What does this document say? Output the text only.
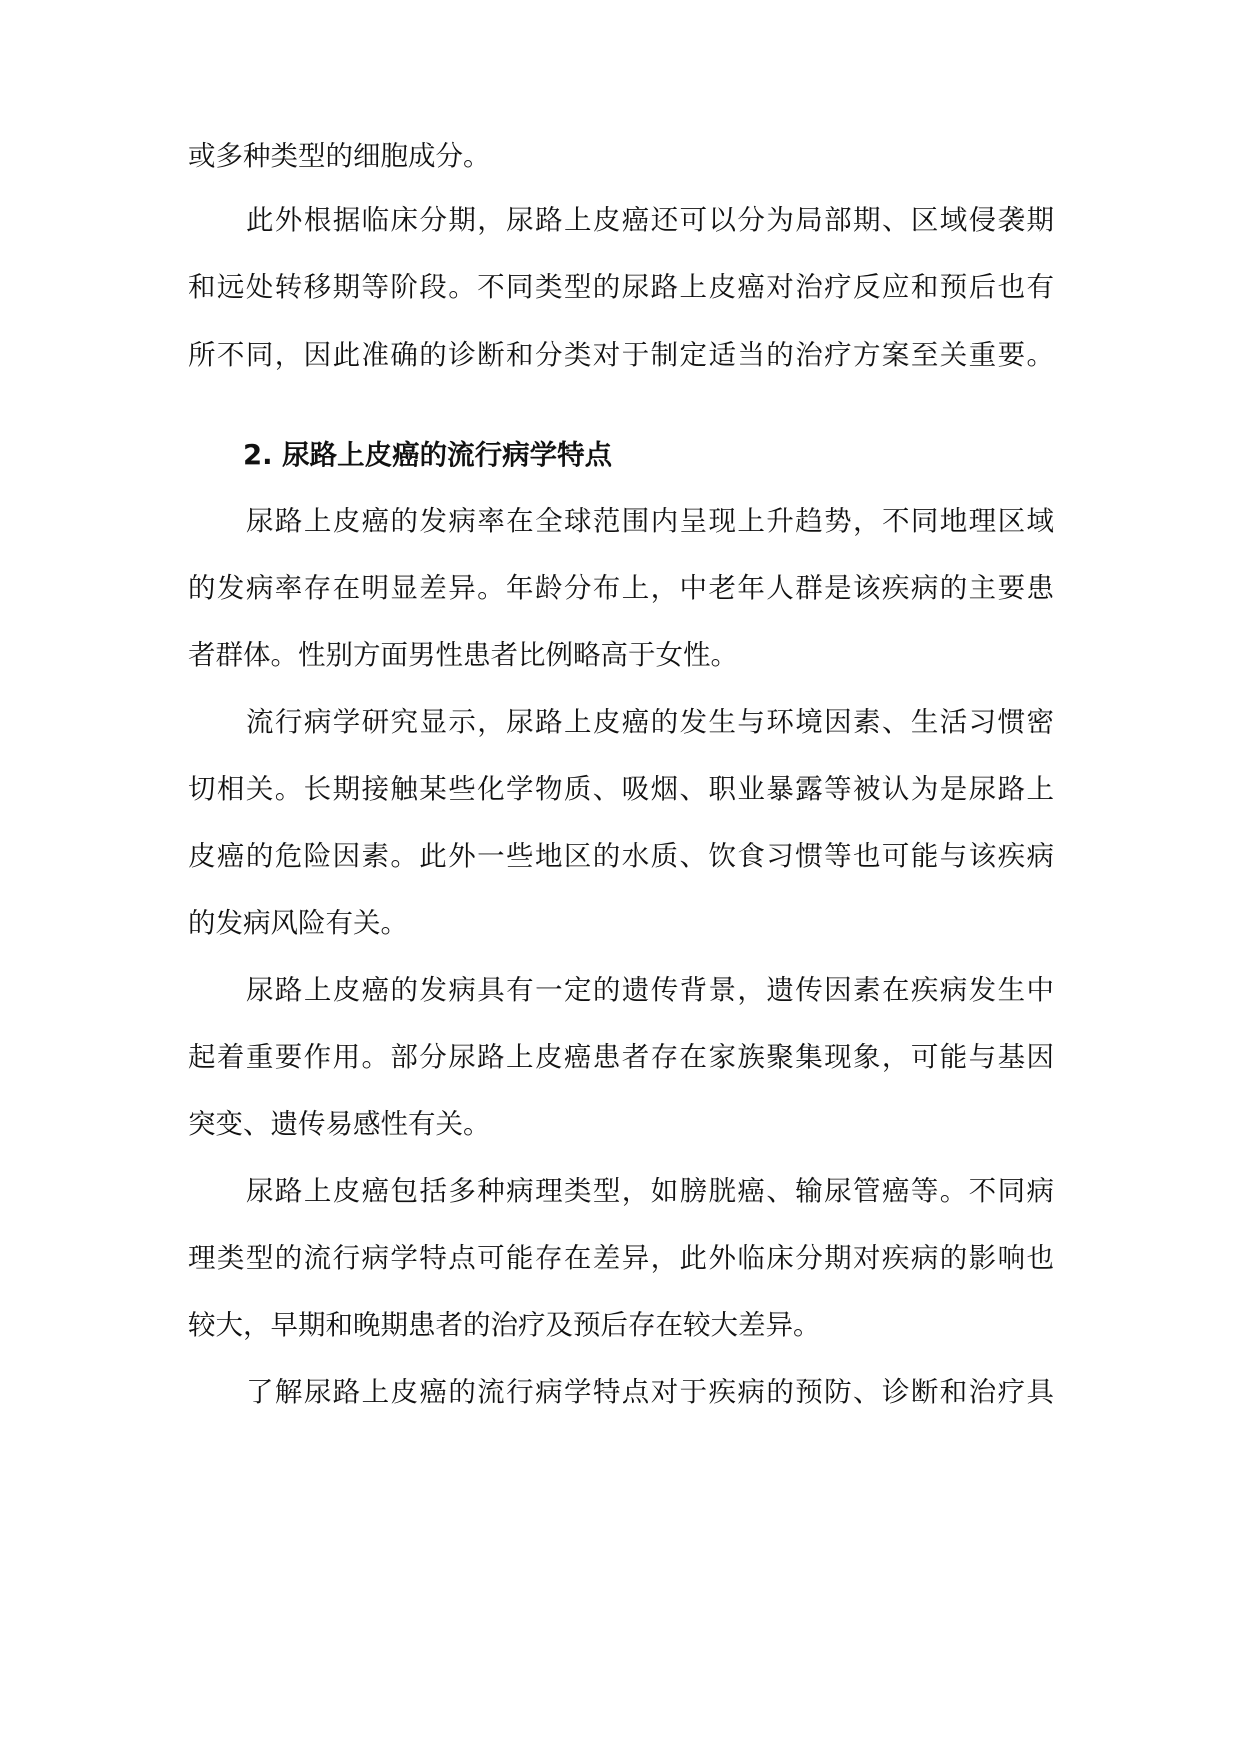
或多种类型的细胞成分。
此外根据临床分期，尿路上皮癌还可以分为局部期、区域侵袭期
和远处转移期等阶段。不同类型的尿路上皮癌对治疗反应和预后也有
所不同，因此准确的诊断和分类对于制定适当的治疗方案至关重要。
2. 尿路上皮癌的流行病学特点
尿路上皮癌的发病率在全球范围内呈现上升趋势，不同地理区域
的发病率存在明显差异。年龄分布上，中老年人群是该疾病的主要患
者群体。性别方面男性患者比例略高于女性。
流行病学研究显示，尿路上皮癌的发生与环境因素、生活习惯密
切相关。长期接触某些化学物质、吸烟、职业暴露等被认为是尿路上
皮癌的危险因素。此外一些地区的水质、饮食习惯等也可能与该疾病
的发病风险有关。
尿路上皮癌的发病具有一定的遗传背景，遗传因素在疾病发生中
起着重要作用。部分尿路上皮癌患者存在家族聚集现象，可能与基因
突变、遗传易感性有关。
尿路上皮癌包括多种病理类型，如膀胱癌、输尿管癌等。不同病
理类型的流行病学特点可能存在差异，此外临床分期对疾病的影响也
较大，早期和晚期患者的治疗及预后存在较大差异。
了解尿路上皮癌的流行病学特点对于疾病的预防、诊断和治疗具
